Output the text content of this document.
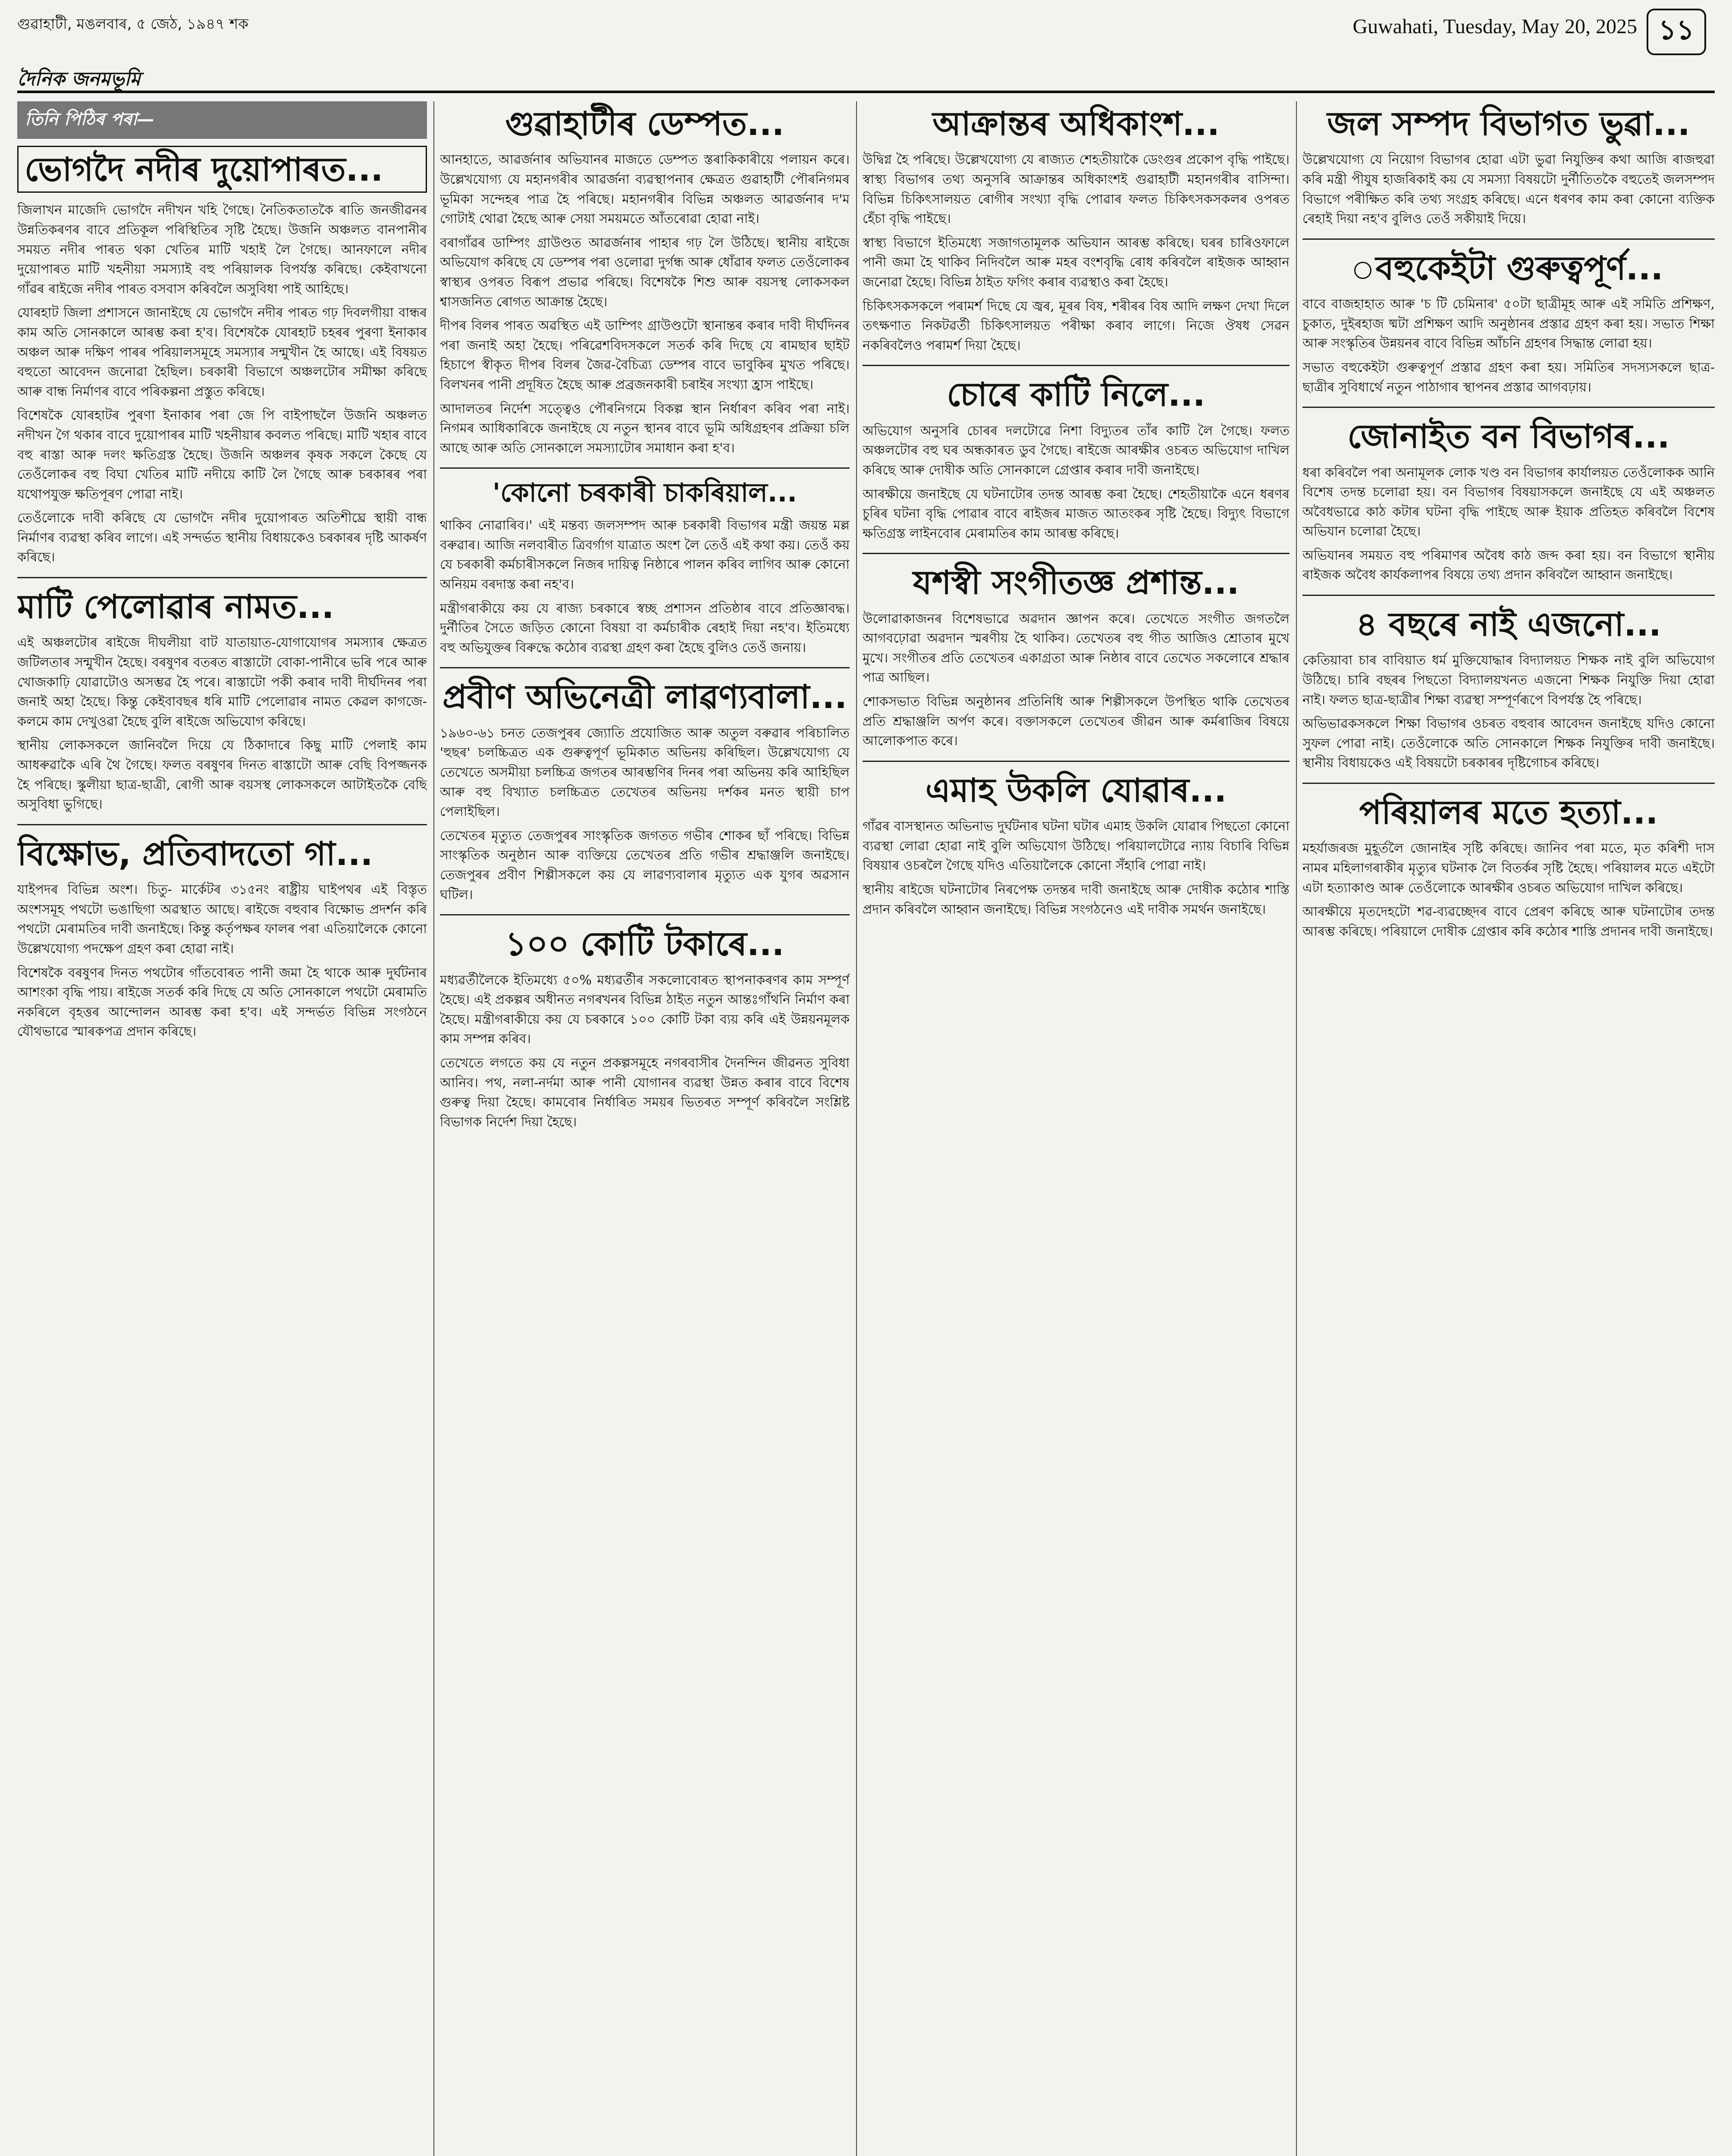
গুৱাহাটী, মঙলবাৰ, ৫ জেঠ, ১৯৪৭ শক	Guwahati, Tuesday, May 20, 2025 ১১
দৈনিক জনমভূমি
তিনি পিঠিৰ পৰা—
ভোগদৈ নদীৰ দুয়োপাৰত...

জিলাখন মাজেদি ভোগদৈ নদীখন খহি গৈছে। নৈতিকতাতকৈ ৰাতি জনজীৱনৰ উন্নতিকৰণৰ বাবে প্ৰতিকূল পৰিস্থিতিৰ সৃষ্টি হৈছে। উজনি অঞ্চলত বানপানীৰ সময়ত নদীৰ পাৰত থকা খেতিৰ মাটি খহাই লৈ গৈছে। আনফালে নদীৰ দুয়োপাৰত মাটি খহনীয়া সমস্যাই বহু পৰিয়ালক বিপৰ্যস্ত কৰিছে। কেইবাখনো গাঁৱৰ ৰাইজে নদীৰ পাৰত বসবাস কৰিবলৈ অসুবিধা পাই আহিছে।

যোৰহাট জিলা প্ৰশাসনে জানাইছে যে ভোগদৈ নদীৰ পাৰত গঢ় দিবলগীয়া বান্ধৰ কাম অতি সোনকালে আৰম্ভ কৰা হ'ব। বিশেষকৈ যোৰহাট চহৰৰ পুৰণা ইনাকাৰ অঞ্চল আৰু দক্ষিণ পাৰৰ পৰিয়ালসমূহে সমস্যাৰ সন্মুখীন হৈ আছে। এই বিষয়ত বহুতো আবেদন জনোৱা হৈছিল। চৰকাৰী বিভাগে অঞ্চলটোৰ সমীক্ষা কৰিছে আৰু বান্ধ নিৰ্মাণৰ বাবে পৰিকল্পনা প্ৰস্তুত কৰিছে।

বিশেষকৈ যোৰহাটৰ পুৰণা ইনাকাৰ পৰা জে পি বাইপাছলৈ উজনি অঞ্চলত নদীখন গৈ থকাৰ বাবে দুয়োপাৰৰ মাটি খহনীয়াৰ কবলত পৰিছে। মাটি খহাৰ বাবে বহু ৰাস্তা আৰু দলং ক্ষতিগ্ৰস্ত হৈছে। উজনি অঞ্চলৰ কৃষক সকলে কৈছে যে তেওঁলোকৰ বহু বিঘা খেতিৰ মাটি নদীয়ে কাটি লৈ গৈছে আৰু চৰকাৰৰ পৰা যথোপযুক্ত ক্ষতিপূৰণ পোৱা নাই।

তেওঁলোকে দাবী কৰিছে যে ভোগদৈ নদীৰ দুয়োপাৰত অতিশীঘ্ৰে স্থায়ী বান্ধ নিৰ্মাণৰ ব্যৱস্থা কৰিব লাগে। এই সন্দৰ্ভত স্থানীয় বিধায়কেও চৰকাৰৰ দৃষ্টি আকৰ্ষণ কৰিছে।

মাটি পেলোৱাৰ নামত...

এই অঞ্চলটোৰ ৰাইজে দীঘলীয়া বাট যাতায়াত-যোগাযোগৰ সমস্যাৰ ক্ষেত্ৰত জটিলতাৰ সন্মুখীন হৈছে। বৰষুণৰ বতৰত ৰাস্তাটো বোকা-পানীৰে ভৰি পৰে আৰু খোজকাঢ়ি যোৱাটোও অসম্ভৱ হৈ পৰে। ৰাস্তাটো পকী কৰাৰ দাবী দীৰ্ঘদিনৰ পৰা জনাই অহা হৈছে। কিন্তু কেইবাবছৰ ধৰি মাটি পেলোৱাৰ নামত কেৱল কাগজে-কলমে কাম দেখুওৱা হৈছে বুলি ৰাইজে অভিযোগ কৰিছে।

স্থানীয় লোকসকলে জানিবলৈ দিয়ে যে ঠিকাদাৰে কিছু মাটি পেলাই কাম আধৰুৱাকৈ এৰি থৈ গৈছে। ফলত বৰষুণৰ দিনত ৰাস্তাটো আৰু বেছি বিপজ্জনক হৈ পৰিছে। স্কুলীয়া ছাত্ৰ-ছাত্ৰী, ৰোগী আৰু বয়সস্থ লোকসকলে আটাইতকৈ বেছি অসুবিধা ভুগিছে।

বিক্ষোভ, প্ৰতিবাদতো গা...

যাইপদৰ বিভিন্ন অংশ। চিতু- মাৰ্কেটৰ ৩১৫নং ৰাষ্ট্ৰীয় ঘাইপথৰ এই বিস্তৃত অংশসমূহ পথটো ভঙাছিগা অৱস্থাত আছে। ৰাইজে বহুবাৰ বিক্ষোভ প্ৰদৰ্শন কৰি পথটো মেৰামতিৰ দাবী জনাইছে। কিন্তু কৰ্তৃপক্ষৰ ফালৰ পৰা এতিয়ালৈকে কোনো উল্লেখযোগ্য পদক্ষেপ গ্ৰহণ কৰা হোৱা নাই।

বিশেষকৈ বৰষুণৰ দিনত পথটোৰ গাঁতবোৰত পানী জমা হৈ থাকে আৰু দুৰ্ঘটনাৰ আশংকা বৃদ্ধি পায়। ৰাইজে সতৰ্ক কৰি দিছে যে অতি সোনকালে পথটো মেৰামতি নকৰিলে বৃহত্তৰ আন্দোলন আৰম্ভ কৰা হ'ব। এই সন্দৰ্ভত বিভিন্ন সংগঠনে যৌথভাৱে স্মাৰকপত্ৰ প্ৰদান কৰিছে।

গুৱাহাটীৰ ডেম্পত...

আনহাতে, আৱৰ্জনাৰ অভিযানৰ মাজতে ডেম্পত স্তৰাকিকাৰীয়ে পলায়ন কৰে। উল্লেখযোগ্য যে মহানগৰীৰ আৱৰ্জনা ব্যৱস্থাপনাৰ ক্ষেত্ৰত গুৱাহাটী পৌৰনিগমৰ ভূমিকা সন্দেহৰ পাত্ৰ হৈ পৰিছে। মহানগৰীৰ বিভিন্ন অঞ্চলত আৱৰ্জনাৰ দ'ম গোটাই থোৱা হৈছে আৰু সেয়া সময়মতে আঁতৰোৱা হোৱা নাই।

বৰাগাঁৱৰ ডাম্পিং গ্ৰাউণ্ডত আৱৰ্জনাৰ পাহাৰ গঢ় লৈ উঠিছে। স্থানীয় ৰাইজে অভিযোগ কৰিছে যে ডেম্পৰ পৰা ওলোৱা দুৰ্গন্ধ আৰু ধোঁৱাৰ ফলত তেওঁলোকৰ স্বাস্থ্যৰ ওপৰত বিৰূপ প্ৰভাৱ পৰিছে। বিশেষকৈ শিশু আৰু বয়সস্থ লোকসকল শ্বাসজনিত ৰোগত আক্ৰান্ত হৈছে।

দীপৰ বিলৰ পাৰত অৱস্থিত এই ডাম্পিং গ্ৰাউণ্ডটো স্থানান্তৰ কৰাৰ দাবী দীৰ্ঘদিনৰ পৰা জনাই অহা হৈছে। পৰিৱেশবিদসকলে সতৰ্ক কৰি দিছে যে ৰামছাৰ ছাইট হিচাপে স্বীকৃত দীপৰ বিলৰ জৈৱ-বৈচিত্ৰ্য ডেম্পৰ বাবে ভাবুকিৰ মুখত পৰিছে। বিলখনৰ পানী প্ৰদূষিত হৈছে আৰু প্ৰব্ৰজনকাৰী চৰাইৰ সংখ্যা হ্ৰাস পাইছে।

আদালতৰ নিৰ্দেশ সত্ত্বেও পৌৰনিগমে বিকল্প স্থান নিৰ্ধাৰণ কৰিব পৰা নাই। নিগমৰ আধিকাৰিকে জনাইছে যে নতুন স্থানৰ বাবে ভূমি অধিগ্ৰহণৰ প্ৰক্ৰিয়া চলি আছে আৰু অতি সোনকালে সমস্যাটোৰ সমাধান কৰা হ'ব।

'কোনো চৰকাৰী চাকৰিয়াল...

থাকিব নোৱাৰিব।' এই মন্তব্য জলসম্পদ আৰু চৰকাৰী বিভাগৰ মন্ত্ৰী জয়ন্ত মল্ল বৰুৱাৰ। আজি নলবাৰীত ত্ৰিবৰ্গাগ যাত্ৰাত অংশ লৈ তেওঁ এই কথা কয়। তেওঁ কয় যে চৰকাৰী কৰ্মচাৰীসকলে নিজৰ দায়িত্ব নিষ্ঠাৰে পালন কৰিব লাগিব আৰু কোনো অনিয়ম বৰদাস্ত কৰা নহ'ব।

মন্ত্ৰীগৰাকীয়ে কয় যে ৰাজ্য চৰকাৰে স্বচ্ছ প্ৰশাসন প্ৰতিষ্ঠাৰ বাবে প্ৰতিজ্ঞাবদ্ধ। দুৰ্নীতিৰ সৈতে জড়িত কোনো বিষয়া বা কৰ্মচাৰীক ৰেহাই দিয়া নহ'ব। ইতিমধ্যে বহু অভিযুক্তৰ বিৰুদ্ধে কঠোৰ ব্যৱস্থা গ্ৰহণ কৰা হৈছে বুলিও তেওঁ জনায়।

প্ৰবীণ অভিনেত্ৰী লাৱণ্যবালা...

১৯৬০-৬১ চনত তেজপুৰৰ জ্যোতি প্ৰযোজিত আৰু অতুল বৰুৱাৰ পৰিচালিত 'হুছৰ' চলচ্চিত্ৰত এক গুৰুত্বপূৰ্ণ ভূমিকাত অভিনয় কৰিছিল। উল্লেখযোগ্য যে তেখেতে অসমীয়া চলচ্চিত্ৰ জগতৰ আৰম্ভণিৰ দিনৰ পৰা অভিনয় কৰি আহিছিল আৰু বহু বিখ্যাত চলচ্চিত্ৰত তেখেতৰ অভিনয় দৰ্শকৰ মনত স্থায়ী চাপ পেলাইছিল।

তেখেতৰ মৃত্যুত তেজপুৰৰ সাংস্কৃতিক জগতত গভীৰ শোকৰ ছাঁ পৰিছে। বিভিন্ন সাংস্কৃতিক অনুষ্ঠান আৰু ব্যক্তিয়ে তেখেতৰ প্ৰতি গভীৰ শ্ৰদ্ধাঞ্জলি জনাইছে। তেজপুৰৰ প্ৰবীণ শিল্পীসকলে কয় যে লাৱণ্যবালাৰ মৃত্যুত এক যুগৰ অৱসান ঘটিল।

১০০ কোটি টকাৰে...

মধ্যৱৰ্তীলৈকে ইতিমধ্যে ৫০% মধ্যৱৰ্তীৰ সকলোবোৰত স্থাপনাকৰণৰ কাম সম্পূৰ্ণ হৈছে। এই প্ৰকল্পৰ অধীনত নগৰখনৰ বিভিন্ন ঠাইত নতুন আন্তঃগাঁথনি নিৰ্মাণ কৰা হৈছে। মন্ত্ৰীগৰাকীয়ে কয় যে চৰকাৰে ১০০ কোটি টকা ব্যয় কৰি এই উন্নয়নমূলক কাম সম্পন্ন কৰিব।

তেখেতে লগতে কয় যে নতুন প্ৰকল্পসমূহে নগৰবাসীৰ দৈনন্দিন জীৱনত সুবিধা আনিব। পথ, নলা-নৰ্দমা আৰু পানী যোগানৰ ব্যৱস্থা উন্নত কৰাৰ বাবে বিশেষ গুৰুত্ব দিয়া হৈছে। কামবোৰ নিৰ্ধাৰিত সময়ৰ ভিতৰত সম্পূৰ্ণ কৰিবলৈ সংশ্লিষ্ট বিভাগক নিৰ্দেশ দিয়া হৈছে।

আক্ৰান্তৰ অধিকাংশ...

উদ্বিগ্ন হৈ পৰিছে। উল্লেখযোগ্য যে ৰাজ্যত শেহতীয়াকৈ ডেংগুৰ প্ৰকোপ বৃদ্ধি পাইছে। স্বাস্থ্য বিভাগৰ তথ্য অনুসৰি আক্ৰান্তৰ অধিকাংশই গুৱাহাটী মহানগৰীৰ বাসিন্দা। বিভিন্ন চিকিৎসালয়ত ৰোগীৰ সংখ্যা বৃদ্ধি পোৱাৰ ফলত চিকিৎসকসকলৰ ওপৰত হেঁচা বৃদ্ধি পাইছে।

স্বাস্থ্য বিভাগে ইতিমধ্যে সজাগতামূলক অভিযান আৰম্ভ কৰিছে। ঘৰৰ চাৰিওফালে পানী জমা হৈ থাকিব নিদিবলৈ আৰু মহৰ বংশবৃদ্ধি ৰোধ কৰিবলৈ ৰাইজক আহ্বান জনোৱা হৈছে। বিভিন্ন ঠাইত ফগিং কৰাৰ ব্যৱস্থাও কৰা হৈছে।

চিকিৎসকসকলে পৰামৰ্শ দিছে যে জ্বৰ, মূৰৰ বিষ, শৰীৰৰ বিষ আদি লক্ষণ দেখা দিলে তৎক্ষণাত নিকটৱৰ্তী চিকিৎসালয়ত পৰীক্ষা কৰাব লাগে। নিজে ঔষধ সেৱন নকৰিবলৈও পৰামৰ্শ দিয়া হৈছে।

চোৰে কাটি নিলে...

অভিযোগ অনুসৰি চোৰৰ দলটোৱে নিশা বিদ্যুতৰ তাঁৰ কাটি লৈ গৈছে। ফলত অঞ্চলটোৰ বহু ঘৰ অন্ধকাৰত ডুব গৈছে। ৰাইজে আৰক্ষীৰ ওচৰত অভিযোগ দাখিল কৰিছে আৰু দোষীক অতি সোনকালে গ্ৰেপ্তাৰ কৰাৰ দাবী জনাইছে।

আৰক্ষীয়ে জনাইছে যে ঘটনাটোৰ তদন্ত আৰম্ভ কৰা হৈছে। শেহতীয়াকৈ এনে ধৰণৰ চুৰিৰ ঘটনা বৃদ্ধি পোৱাৰ বাবে ৰাইজৰ মাজত আতংকৰ সৃষ্টি হৈছে। বিদ্যুৎ বিভাগে ক্ষতিগ্ৰস্ত লাইনবোৰ মেৰামতিৰ কাম আৰম্ভ কৰিছে।

যশস্বী সংগীতজ্ঞ প্ৰশান্ত...

উলোৱাকাজনৰ বিশেষভাৱে অৱদান জ্ঞাপন কৰে। তেখেতে সংগীত জগতলৈ আগবঢ়োৱা অৱদান স্মৰণীয় হৈ থাকিব। তেখেতৰ বহু গীত আজিও শ্ৰোতাৰ মুখে মুখে। সংগীতৰ প্ৰতি তেখেতৰ একাগ্ৰতা আৰু নিষ্ঠাৰ বাবে তেখেত সকলোৰে শ্ৰদ্ধাৰ পাত্ৰ আছিল।

শোকসভাত বিভিন্ন অনুষ্ঠানৰ প্ৰতিনিধি আৰু শিল্পীসকলে উপস্থিত থাকি তেখেতৰ প্ৰতি শ্ৰদ্ধাঞ্জলি অৰ্পণ কৰে। বক্তাসকলে তেখেতৰ জীৱন আৰু কৰ্মৰাজিৰ বিষয়ে আলোকপাত কৰে।

এমাহ উকলি যোৱাৰ...

গাঁৱৰ বাসস্থানত অভিনাভ দুৰ্ঘটনাৰ ঘটনা ঘটাৰ এমাহ উকলি যোৱাৰ পিছতো কোনো ব্যৱস্থা লোৱা হোৱা নাই বুলি অভিযোগ উঠিছে। পৰিয়ালটোৱে ন্যায় বিচাৰি বিভিন্ন বিষয়াৰ ওচৰলৈ গৈছে যদিও এতিয়ালৈকে কোনো সঁহাৰি পোৱা নাই।

স্থানীয় ৰাইজে ঘটনাটোৰ নিৰপেক্ষ তদন্তৰ দাবী জনাইছে আৰু দোষীক কঠোৰ শাস্তি প্ৰদান কৰিবলৈ আহ্বান জনাইছে। বিভিন্ন সংগঠনেও এই দাবীক সমৰ্থন জনাইছে।

জল সম্পদ বিভাগত ভুৱা...

উল্লেখযোগ্য যে নিয়োগ বিভাগৰ হোৱা এটা ভুৱা নিযুক্তিৰ কথা আজি ৰাজহুৱা কৰি মন্ত্ৰী পীযুষ হাজৰিকাই কয় যে সমস্যা বিষয়টো দুৰ্নীতিতকৈ বহুতেই জলসম্পদ বিভাগে পৰীক্ষিত কৰি তথ্য সংগ্ৰহ কৰিছে। এনে ধৰণৰ কাম কৰা কোনো ব্যক্তিক ৰেহাই দিয়া নহ'ব বুলিও তেওঁ সকীয়াই দিয়ে।

বহুকেইটা গুৰুত্বপূৰ্ণ...

বাবে বাজহাহাত আৰু 'চ টি চেমিনাৰ' ৫০টা ছাত্ৰীমূহ আৰু এই সমিতি প্ৰশিক্ষণ, চুকাত, দুইৰহাজ ষ্মটা প্ৰশিক্ষণ আদি অনুষ্ঠানৰ প্ৰস্তাৱ গ্ৰহণ কৰা হয়। সভাত শিক্ষা আৰু সংস্কৃতিৰ উন্নয়নৰ বাবে বিভিন্ন আঁচনি গ্ৰহণৰ সিদ্ধান্ত লোৱা হয়।

সভাত বহুকেইটা গুৰুত্বপূৰ্ণ প্ৰস্তাৱ গ্ৰহণ কৰা হয়। সমিতিৰ সদস্যসকলে ছাত্ৰ-ছাত্ৰীৰ সুবিধাৰ্থে নতুন পাঠাগাৰ স্থাপনৰ প্ৰস্তাৱ আগবঢ়ায়।

জোনাইত বন বিভাগৰ...

ধৰা কৰিবলৈ পৰা অনামূলক লোক খণ্ড বন বিভাগৰ কাৰ্যালয়ত তেওঁলোকক আনি বিশেষ তদন্ত চলোৱা হয়। বন বিভাগৰ বিষয়াসকলে জনাইছে যে এই অঞ্চলত অবৈধভাৱে কাঠ কটাৰ ঘটনা বৃদ্ধি পাইছে আৰু ইয়াক প্ৰতিহত কৰিবলৈ বিশেষ অভিযান চলোৱা হৈছে।

অভিযানৰ সময়ত বহু পৰিমাণৰ অবৈধ কাঠ জব্দ কৰা হয়। বন বিভাগে স্থানীয় ৰাইজক অবৈধ কাৰ্যকলাপৰ বিষয়ে তথ্য প্ৰদান কৰিবলৈ আহ্বান জনাইছে।

৪ বছৰে নাই এজনো...

কেতিয়াবা চাৰ বাবিয়াত ধৰ্ম মুক্তিযোদ্ধাৰ বিদ্যালয়ত শিক্ষক নাই বুলি অভিযোগ উঠিছে। চাৰি বছৰৰ পিছতো বিদ্যালয়খনত এজনো শিক্ষক নিযুক্তি দিয়া হোৱা নাই। ফলত ছাত্ৰ-ছাত্ৰীৰ শিক্ষা ব্যৱস্থা সম্পূৰ্ণৰূপে বিপৰ্যস্ত হৈ পৰিছে।

অভিভাৱকসকলে শিক্ষা বিভাগৰ ওচৰত বহুবাৰ আবেদন জনাইছে যদিও কোনো সুফল পোৱা নাই। তেওঁলোকে অতি সোনকালে শিক্ষক নিযুক্তিৰ দাবী জনাইছে। স্থানীয় বিধায়কেও এই বিষয়টো চৰকাৰৰ দৃষ্টিগোচৰ কৰিছে।

পৰিয়ালৰ মতে হত্যা...

মহৰ্যাজৰজ মুহূৰ্তলৈ জোনাইৰ সৃষ্টি কৰিছে। জানিব পৰা মতে, মৃত কৰিশী দাস নামৰ মহিলাগৰাকীৰ মৃত্যুৰ ঘটনাক লৈ বিতৰ্কৰ সৃষ্টি হৈছে। পৰিয়ালৰ মতে এইটো এটা হত্যাকাণ্ড আৰু তেওঁলোকে আৰক্ষীৰ ওচৰত অভিযোগ দাখিল কৰিছে।

আৰক্ষীয়ে মৃতদেহটো শৱ-ব্যৱচ্ছেদৰ বাবে প্ৰেৰণ কৰিছে আৰু ঘটনাটোৰ তদন্ত আৰম্ভ কৰিছে। পৰিয়ালে দোষীক গ্ৰেপ্তাৰ কৰি কঠোৰ শাস্তি প্ৰদানৰ দাবী জনাইছে।
